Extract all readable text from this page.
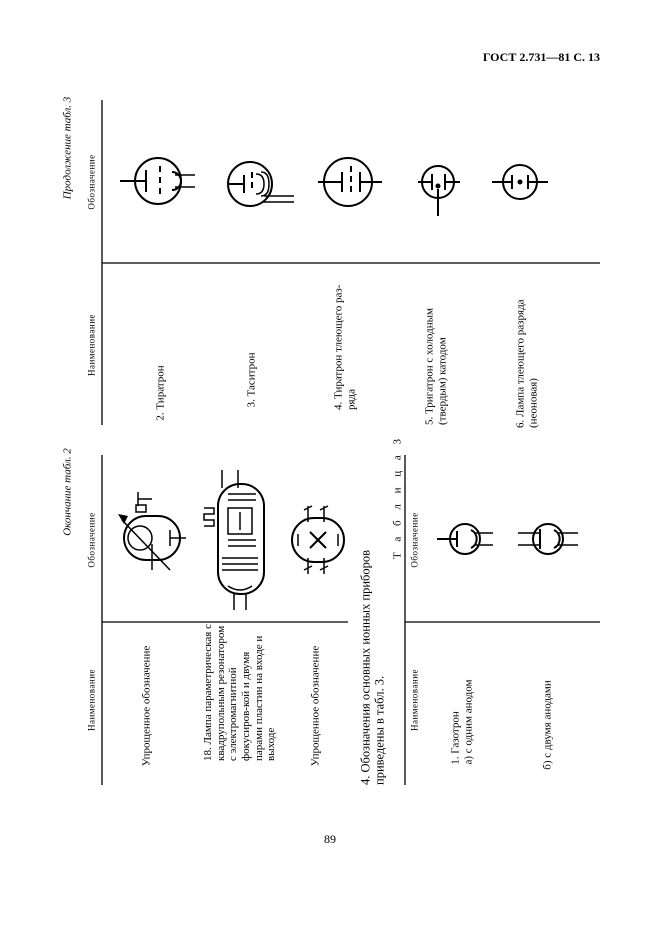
ГОСТ 2.731—81 С. 13
89
Продолжение табл. 3 Обозначение
Наименование
2. Тиратрон	3. Таситрон	4. Тиратрон тлеющего раз-ряда	5. Тригатрон с холодным (твердым) катодом	6. Лампа тлеющего разряда (неоновая)
Окончание табл. 2
Обозначение
Наименование	Упрощенное обозначение	18. Лампа параметрическая с квадрупольным резонатором с электромагнитной фокусиров-кой и двумя парами пластин на входе и выходе	Упрощенное обозначение	4. Обозначения основных ионных приборов приведены в табл. 3.
Т а б л и ц а 3 Обозначение
Наименование
1. Газотрон а) с одним анодом	б) с двумя анодами
